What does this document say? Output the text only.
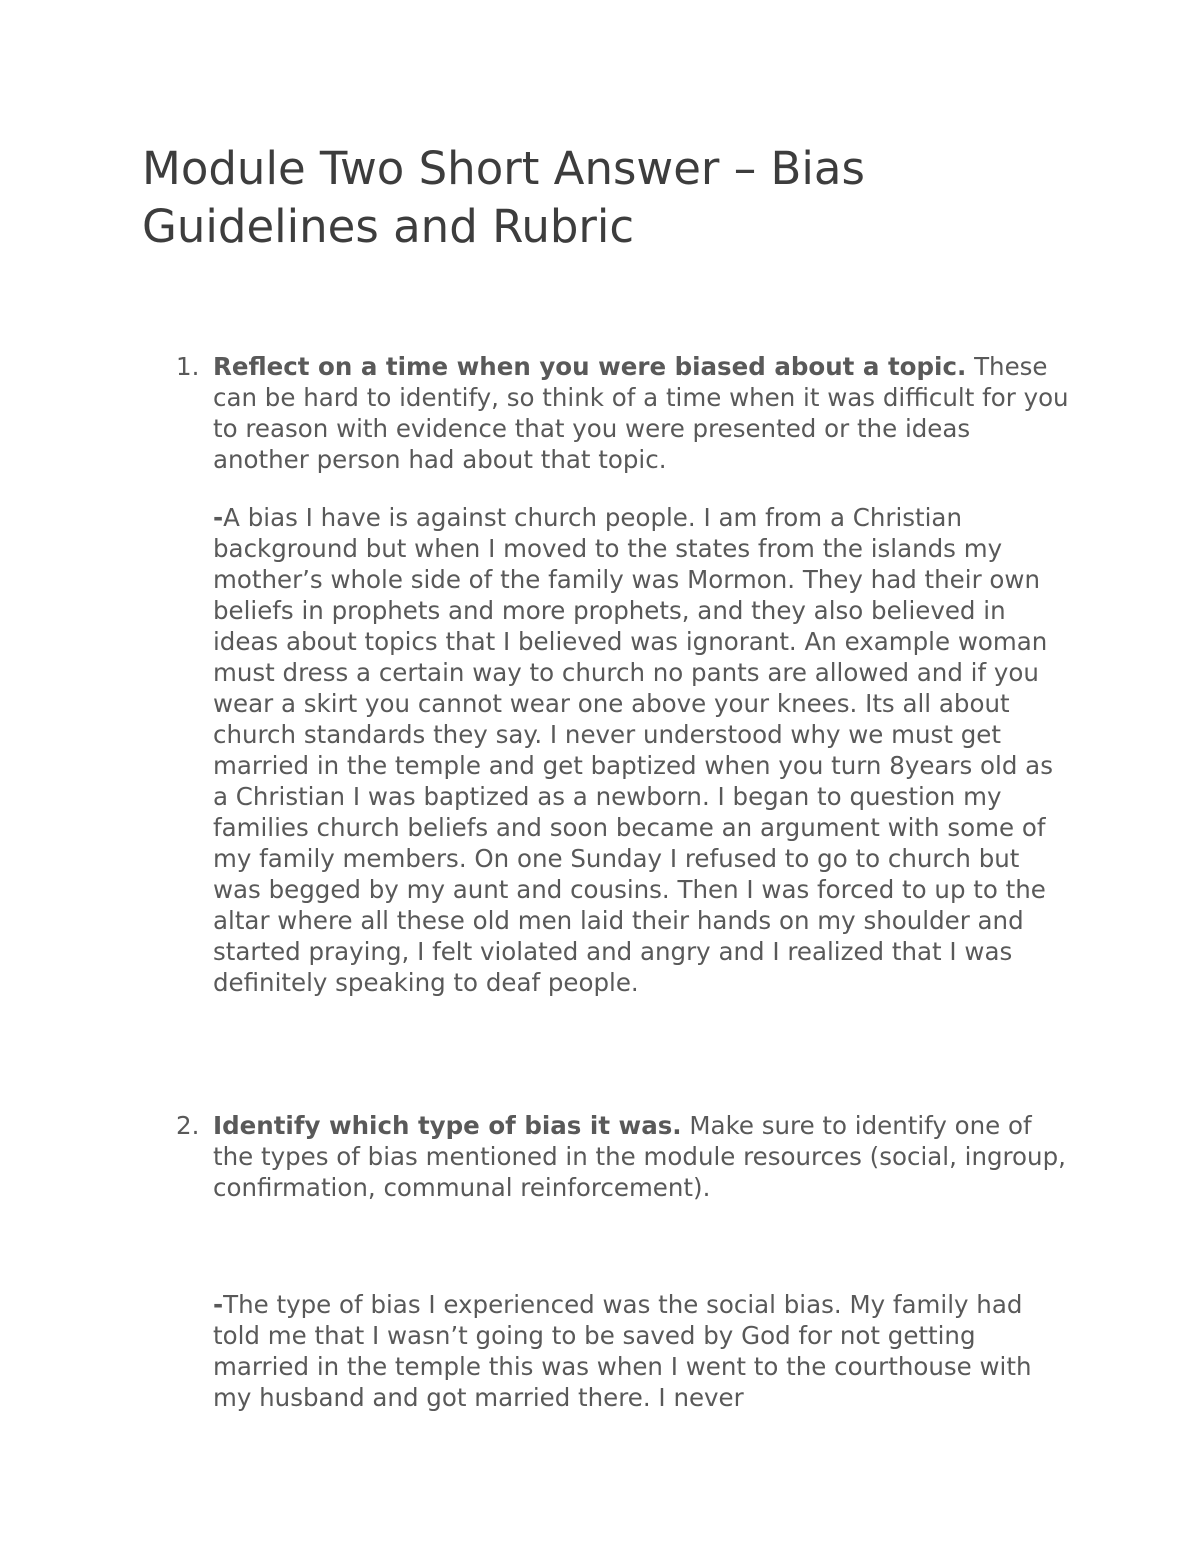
Module Two Short Answer – Bias
Guidelines and Rubric
1. Reflect on a time when you were biased about a topic. These can be hard to identify, so think of a time when it was difficult for you to reason with evidence that you were presented or the ideas another person had about that topic.
-A bias I have is against church people. I am from a Christian background but when I moved to the states from the islands my mother’s whole side of the family was Mormon. They had their own beliefs in prophets and more prophets, and they also believed in ideas about topics that I believed was ignorant. An example woman must dress a certain way to church no pants are allowed and if you wear a skirt you cannot wear one above your knees. Its all about church standards they say. I never understood why we must get married in the temple and get baptized when you turn 8years old as a Christian I was baptized as a newborn. I began to question my families church beliefs and soon became an argument with some of my family members. On one Sunday I refused to go to church but was begged by my aunt and cousins. Then I was forced to up to the altar where all these old men laid their hands on my shoulder and started praying, I felt violated and angry and I realized that I was definitely speaking to deaf people.
2. Identify which type of bias it was. Make sure to identify one of the types of bias mentioned in the module resources (social, ingroup, confirmation, communal reinforcement).
-The type of bias I experienced was the social bias. My family had told me that I wasn’t going to be saved by God for not getting married in the temple this was when I went to the courthouse with my husband and got married there. I never
